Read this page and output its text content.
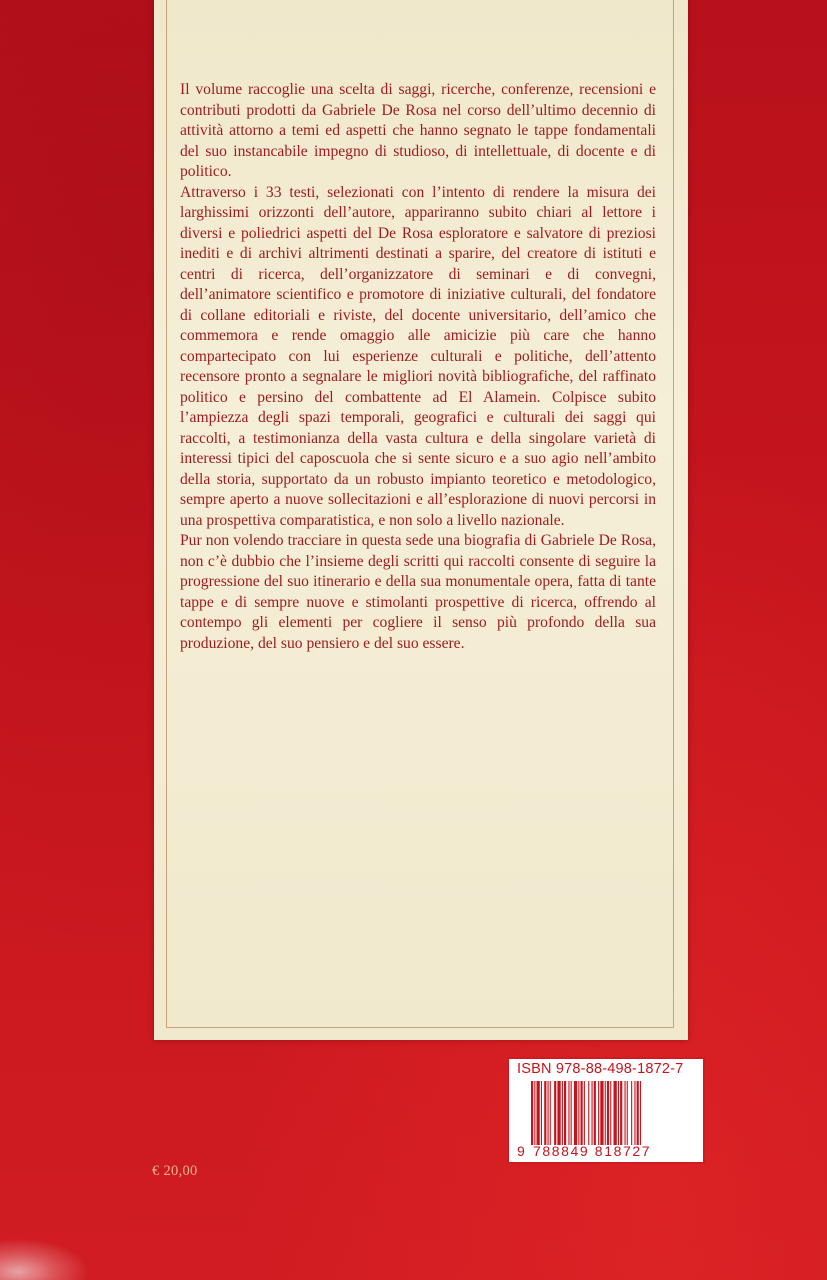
Il volume raccoglie una scelta di saggi, ricerche, conferenze, recensioni e contributi prodotti da Gabriele De Rosa nel corso dell’ultimo decennio di attività attorno a temi ed aspetti che hanno segnato le tappe fondamentali del suo instancabile impegno di studioso, di intellettuale, di docente e di politico.

Attraverso i 33 testi, selezionati con l’intento di rendere la misura dei larghissimi orizzonti dell’autore, appariranno subito chiari al lettore i diversi e poliedrici aspetti del De Rosa esploratore e salvatore di preziosi inediti e di archivi altrimenti destinati a sparire, del creatore di istituti e centri di ricerca, dell’organizzatore di seminari e di convegni, dell’animatore scientifico e promotore di iniziative culturali, del fondatore di collane editoriali e riviste, del docente universitario, dell’amico che commemora e rende omaggio alle amicizie più care che hanno compartecipato con lui esperienze culturali e politiche, dell’attento recensore pronto a segnalare le migliori novità bibliografiche, del raffinato politico e persino del combattente ad El Alamein. Colpisce subito l’ampiezza degli spazi temporali, geografici e culturali dei saggi qui raccolti, a testimonianza della vasta cultura e della singolare varietà di interessi tipici del caposcuola che si sente sicuro e a suo agio nell’ambito della storia, supportato da un robusto impianto teoretico e metodologico, sempre aperto a nuove sollecitazioni e all’esplorazione di nuovi percorsi in una prospettiva comparatistica, e non solo a livello nazionale.

Pur non volendo tracciare in questa sede una biografia di Gabriele De Rosa, non c’è dubbio che l’insieme degli scritti qui raccolti consente di seguire la progressione del suo itinerario e della sua monumentale opera, fatta di tante tappe e di sempre nuove e stimolanti prospettive di ricerca, offrendo al contempo gli elementi per cogliere il senso più profondo della sua produzione, del suo pensiero e del suo essere.

ISBN 978-88-498-1872-7
9 788849 818727
€ 20,00
